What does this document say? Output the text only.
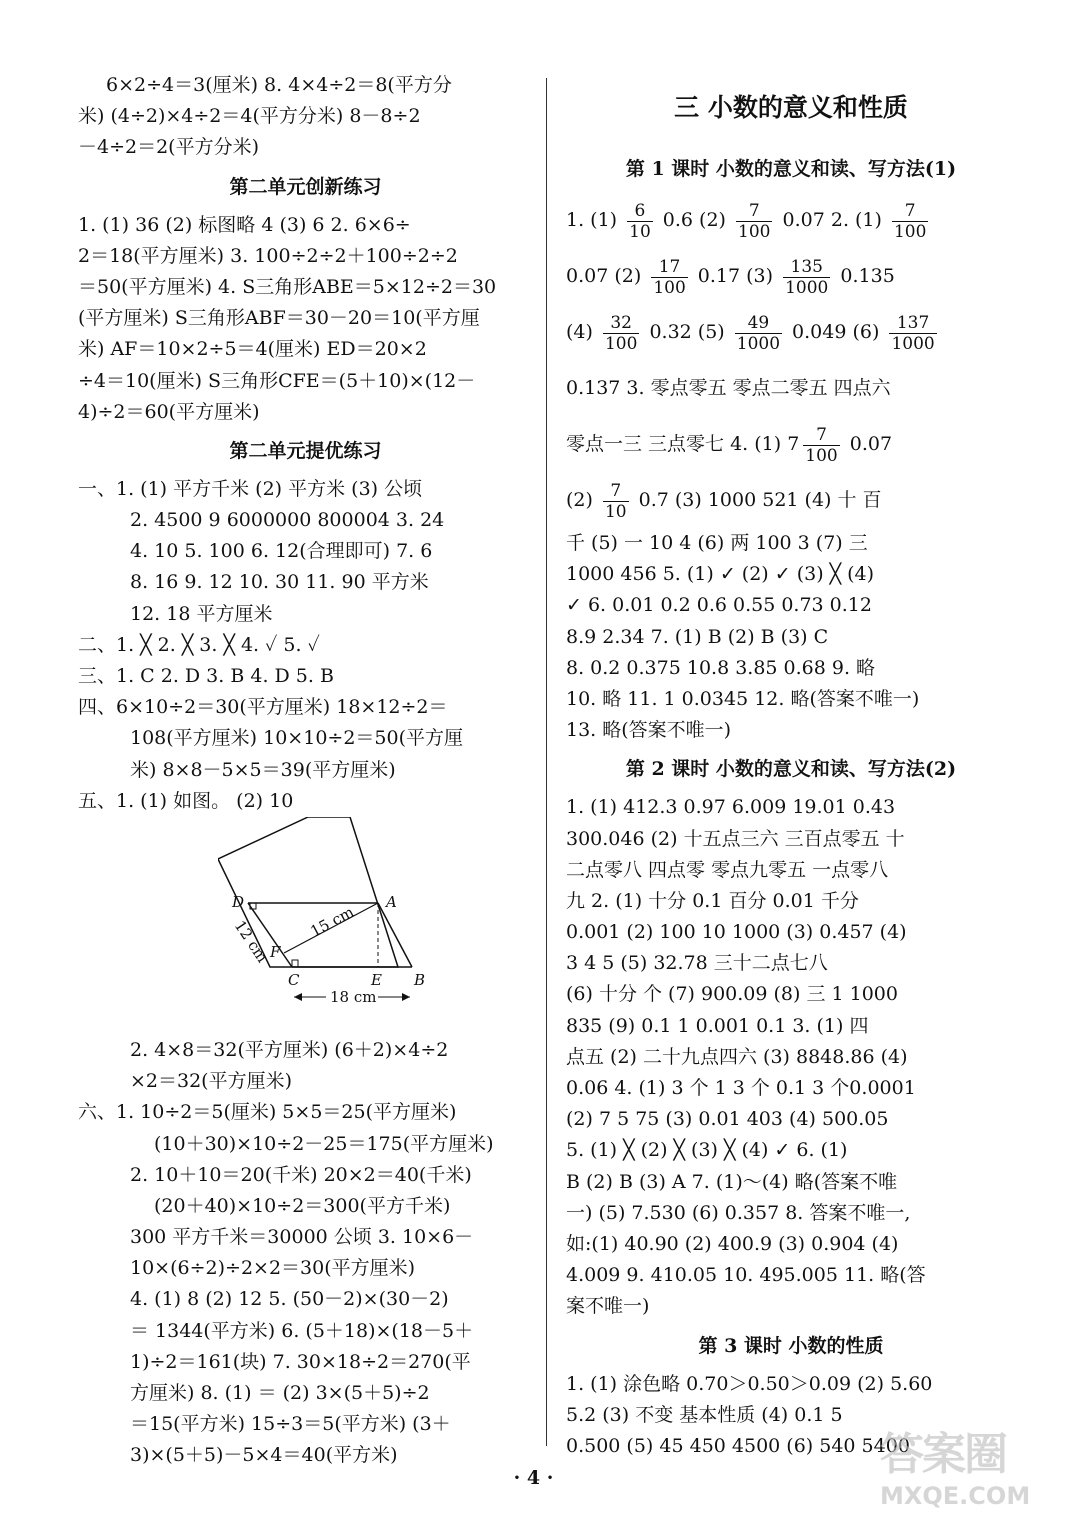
6×2÷4＝3(厘米) 8. 4×4÷2＝8(平方分
米) (4÷2)×4÷2＝4(平方分米) 8－8÷2
－4÷2＝2(平方分米)
第二单元创新练习
1. (1) 36 (2) 标图略 4 (3) 6 2. 6×6÷
2＝18(平方厘米) 3. 100÷2÷2＋100÷2÷2
＝50(平方厘米) 4. S三角形ABE＝5×12÷2＝30
(平方厘米) S三角形ABF＝30－20＝10(平方厘
米) AF＝10×2÷5＝4(厘米) ED＝20×2
÷4＝10(厘米) S三角形CFE＝(5＋10)×(12－
4)÷2＝60(平方厘米)
第二单元提优练习
一、1. (1) 平方千米 (2) 平方米 (3) 公顷
2. 4500 9 6000000 800004 3. 24
4. 10 5. 100 6. 12(合理即可) 7. 6
8. 16 9. 12 10. 30 11. 90 平方米
12. 18 平方厘米
二、1. ╳ 2. ╳ 3. ╳ 4. ✓ 5. ✓
三、1. C 2. D 3. B 4. D 5. B
四、6×10÷2＝30(平方厘米) 18×12÷2＝
108(平方厘米) 10×10÷2＝50(平方厘
米) 8×8－5×5＝39(平方厘米)
五、1. (1) 如图。 (2) 10
D	A
C	E B
F
15 cm
12 cm
18 cm
2. 4×8＝32(平方厘米) (6＋2)×4÷2
×2＝32(平方厘米)
六、1. 10÷2＝5(厘米) 5×5＝25(平方厘米)
(10＋30)×10÷2－25＝175(平方厘米)
2. 10＋10＝20(千米) 20×2＝40(千米)
(20＋40)×10÷2＝300(平方千米)
300 平方千米＝30000 公顷 3. 10×6－
10×(6÷2)÷2×2＝30(平方厘米)
4. (1) 8 (2) 12 5. (50－2)×(30－2)
＝ 1344(平方米) 6. (5＋18)×(18－5＋
1)÷2＝161(块) 7. 30×18÷2＝270(平
方厘米) 8. (1) ＝ (2) 3×(5＋5)÷2
＝15(平方米) 15÷3＝5(平方米) (3＋
3)×(5＋5)－5×4＝40(平方米)
三 小数的意义和性质
第 1 课时 小数的意义和读、写方法(1)
1. $(1) \frac{6}{10} 0.6$ $(2) \frac{7}{100} 0.07$ 2. $(1) \frac{7}{100}$
0.07 $(2) \frac{17}{100} 0.17$ $(3) \frac{135}{1000} 0.135$
$(4) \frac{32}{100} 0.32$ $(5) \frac{49}{1000} 0.049$ $(6) \frac{137}{1000}$
0.137 3. 零点零五 零点二零五 四点六
零点一三 三点零七 4. (1) $7 \frac{7}{100} 0.07$
$(2) \frac{7}{10} 0.7$ (3) 1000 521 (4) 十 百
千 (5) 一 10 4 (6) 两 100 3 (7) 三
1000 456 5. (1) ✓ (2) ✓ (3) ╳ (4)
✓ 6. 0.01 0.2 0.6 0.55 0.73 0.12
8.9 2.34 7. (1) B (2) B (3) C
8. 0.2 0.375 10.8 3.85 0.68 9. 略
10. 略 11. 1 0.0345 12. 略(答案不唯一)
13. 略(答案不唯一)
第 2 课时 小数的意义和读、写方法(2)
1. (1) 412.3 0.97 6.009 19.01 0.43
300.046 (2) 十五点三六 三百点零五 十
二点零八 四点零 零点九零五 一点零八
九 2. (1) 十分 0.1 百分 0.01 千分
0.001 (2) 100 10 1000 (3) 0.457 (4)
3 4 5 (5) 32.78 三十二点七八
(6) 十分 个 (7) 900.09 (8) 三 1 1000
835 (9) 0.1 1 0.001 0.1 3. (1) 四
点五 (2) 二十九点四六 (3) 8848.86 (4)
0.06 4. (1) 3 个 1 3 个 0.1 3 个0.0001
(2) 7 5 75 (3) 0.01 403 (4) 500.05
5. (1) ╳ (2) ╳ (3) ╳ (4) ✓ 6. (1)
B (2) B (3) A 7. (1)～(4) 略(答案不唯
一) (5) 7.530 (6) 0.357 8. 答案不唯一,
如:(1) 40.90 (2) 400.9 (3) 0.904 (4)
4.009 9. 410.05 10. 495.005 11. 略(答
案不唯一)
第 3 课时 小数的性质
1. (1) 涂色略 0.70＞0.50＞0.09 (2) 5.60
5.2 (3) 不变 基本性质 (4) 0.1 5
0.500 (5) 45 450 4500 (6) 540 5400
· 4 ·	答案圈
MXQE.COM
